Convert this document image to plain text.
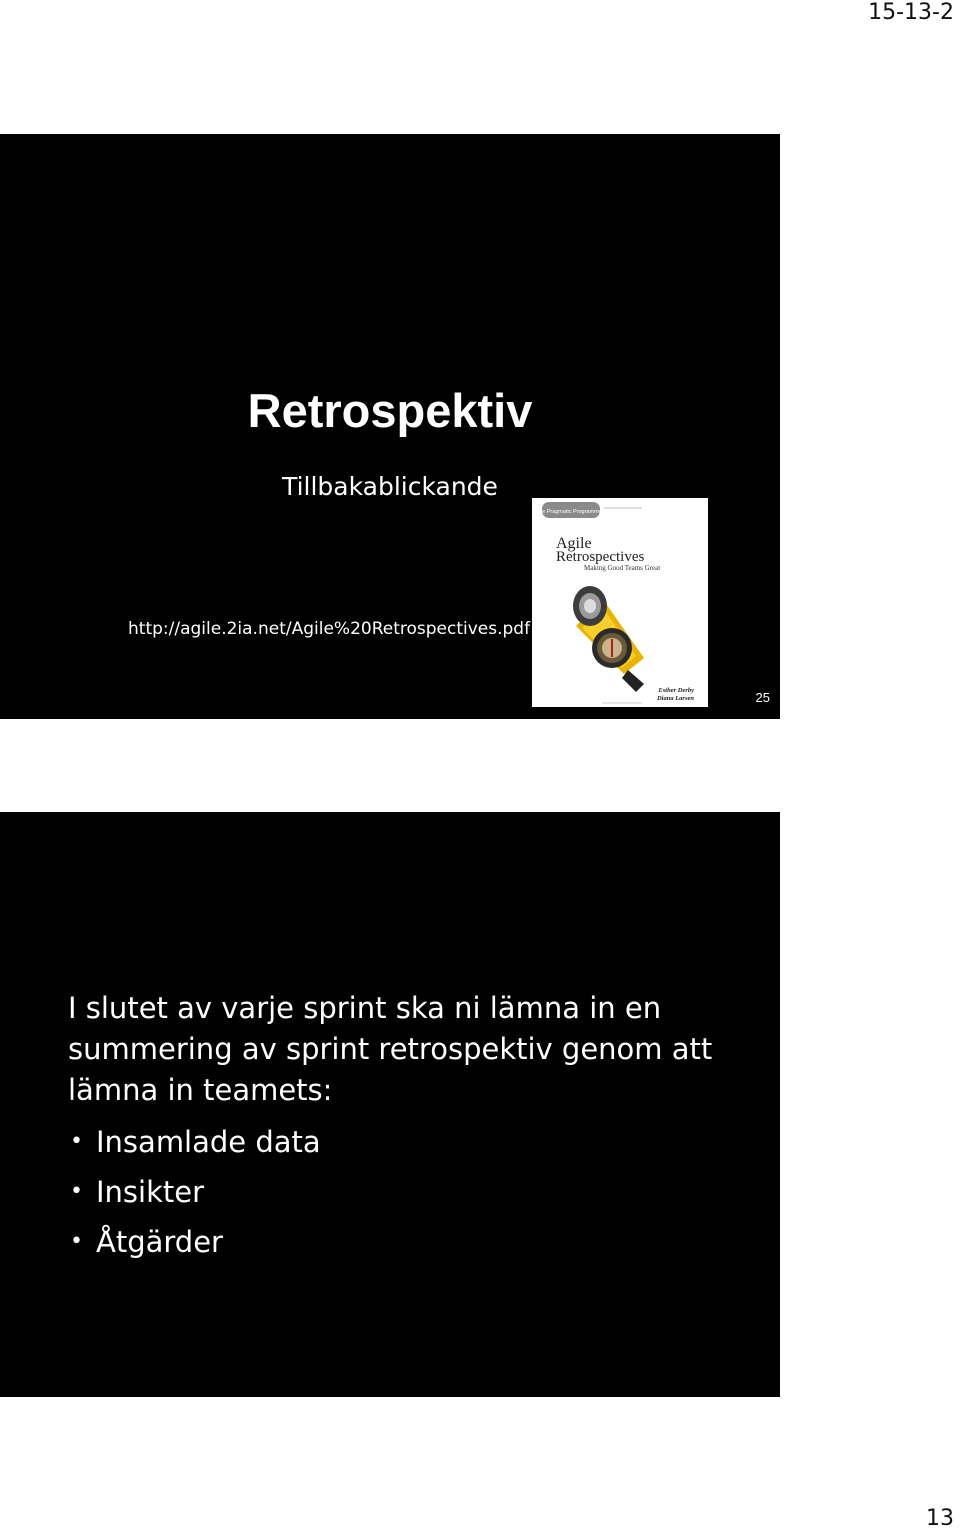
15-13-2
Retrospektiv
Tillbakablickande
http://agile.2ia.net/Agile%20Retrospectives.pdf
The Pragmatic Programmers
Agile
Retrospectives
Making Good Teams Great
Esther Derby
Diana Larsen	25

I slutet av varje sprint ska ni lämna in en summering av sprint retrospektiv genom att lämna in teamets:

• Insamlade data
• Insikter
• Åtgärder
13
